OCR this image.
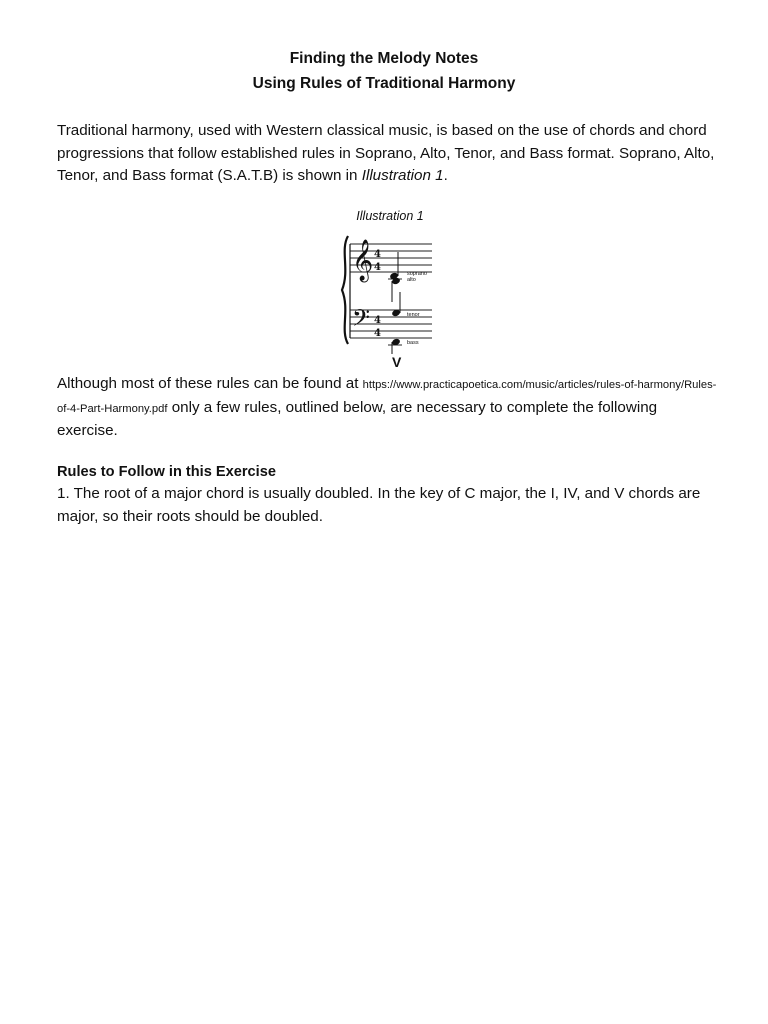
Finding the Melody Notes
Using Rules of Traditional Harmony
Traditional harmony, used with Western classical music, is based on the use of chords and chord progressions that follow established rules in Soprano, Alto, Tenor, and Bass format. Soprano, Alto, Tenor, and Bass format (S.A.T.B) is shown in Illustration 1.
Illustration 1
𝄞
𝄢
4
4
4
4
soprano
alto
tenor
bass
V
Although most of these rules can be found at https://www.practicapoetica.com/music/articles/rules-of-harmony/Rules-of-4-Part-Harmony.pdf only a few rules, outlined below, are necessary to complete the following exercise.
Rules to Follow in this Exercise
1. The root of a major chord is usually doubled. In the key of C major, the I, IV, and V chords are major, so their roots should be doubled.
